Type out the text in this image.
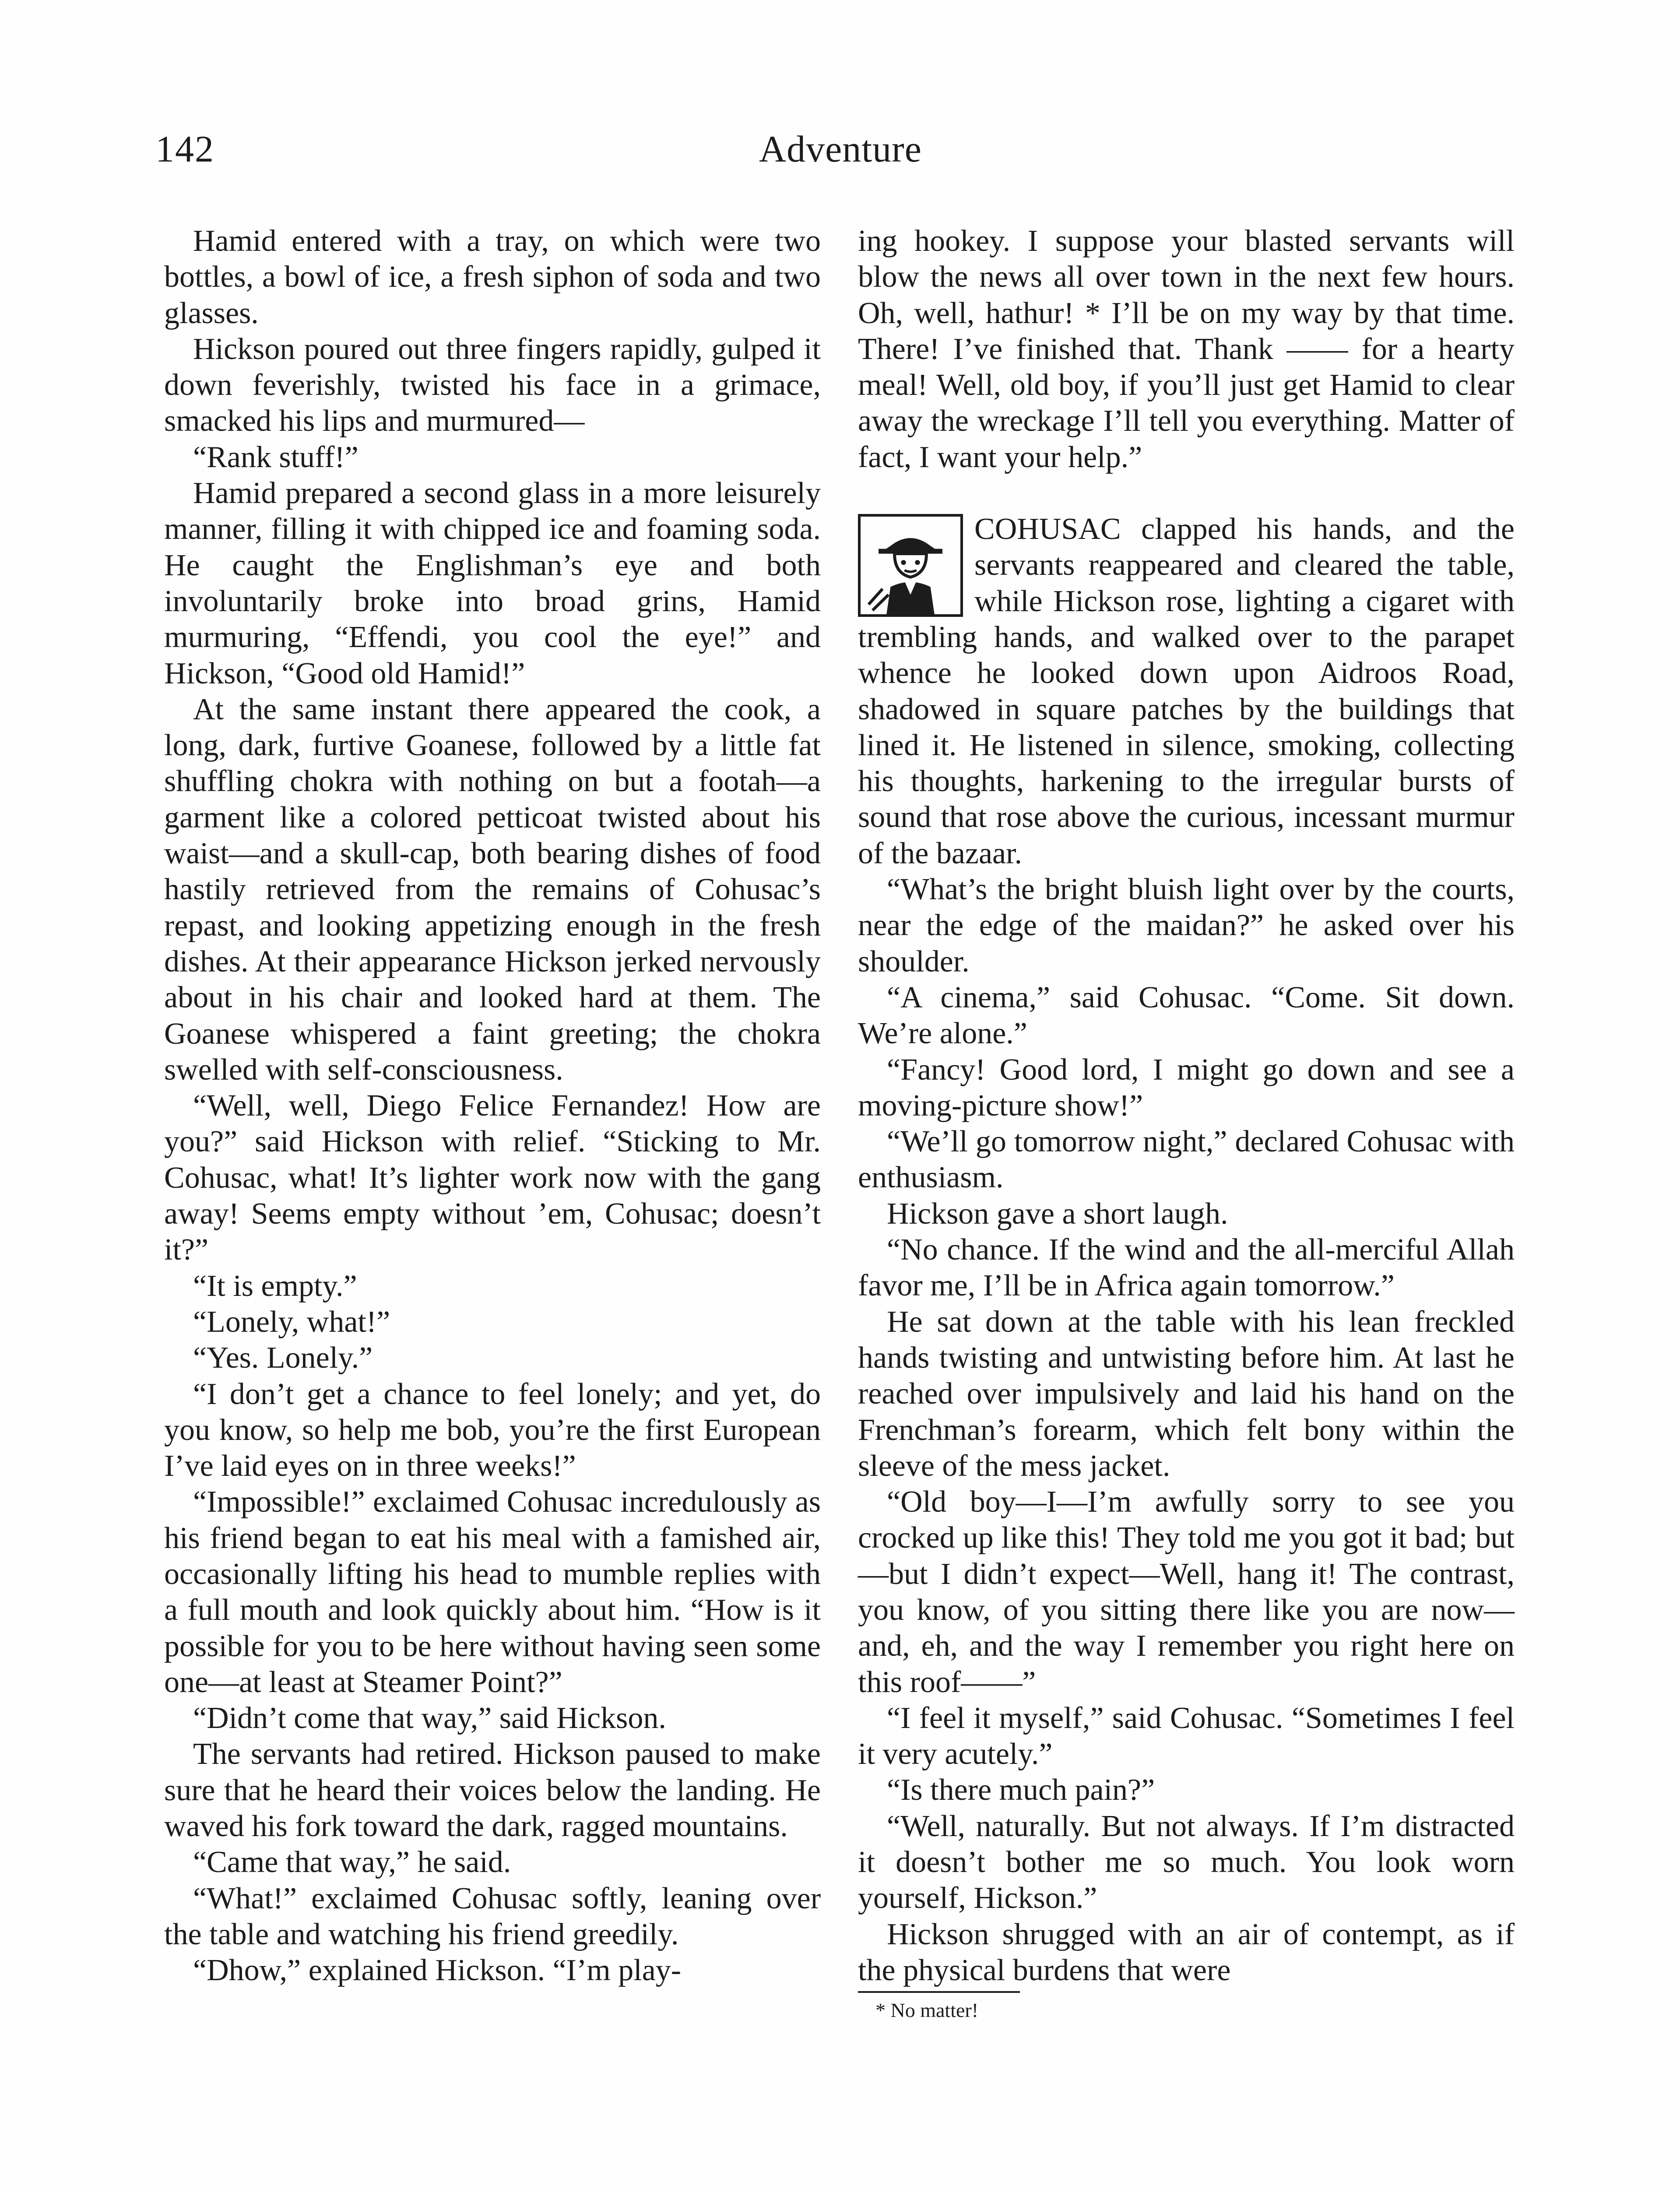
142	Adventure

Hamid entered with a tray, on which were two bottles, a bowl of ice, a fresh siphon of soda and two glasses.

Hickson poured out three fingers rapidly, gulped it down feverishly, twisted his face in a grimace, smacked his lips and murmured—

“Rank stuff!”

Hamid prepared a second glass in a more leisurely manner, filling it with chipped ice and foaming soda. He caught the Englishman’s eye and both involuntarily broke into broad grins, Hamid murmuring, “Effendi, you cool the eye!” and Hickson, “Good old Hamid!”

At the same instant there appeared the cook, a long, dark, furtive Goanese, followed by a little fat shuffling chokra with nothing on but a footah—a garment like a colored petticoat twisted about his waist—and a skull-cap, both bearing dishes of food hastily retrieved from the remains of Cohusac’s repast, and looking appetizing enough in the fresh dishes. At their appearance Hickson jerked nervously about in his chair and looked hard at them. The Goanese whispered a faint greeting; the chokra swelled with self-consciousness.

“Well, well, Diego Felice Fernandez! How are you?” said Hickson with relief. “Sticking to Mr. Cohusac, what! It’s lighter work now with the gang away! Seems empty without ’em, Cohusac; doesn’t it?”

“It is empty.”

“Lonely, what!”

“Yes. Lonely.”

“I don’t get a chance to feel lonely; and yet, do you know, so help me bob, you’re the first European I’ve laid eyes on in three weeks!”

“Impossible!” exclaimed Cohusac incredulously as his friend began to eat his meal with a famished air, occasionally lifting his head to mumble replies with a full mouth and look quickly about him. “How is it possible for you to be here without having seen some one—at least at Steamer Point?”

“Didn’t come that way,” said Hickson.

The servants had retired. Hickson paused to make sure that he heard their voices below the landing. He waved his fork toward the dark, ragged mountains.

“Came that way,” he said.

“What!” exclaimed Cohusac softly, leaning over the table and watching his friend greedily.

“Dhow,” explained Hickson. “I’m play-

ing hookey. I suppose your blasted servants will blow the news all over town in the next few hours. Oh, well, hathur! * I’ll be on my way by that time. There! I’ve finished that. Thank —— for a hearty meal! Well, old boy, if you’ll just get Hamid to clear away the wreckage I’ll tell you everything. Matter of fact, I want your help.”

COHUSAC clapped his hands, and the servants reappeared and cleared the table, while Hickson rose, lighting a cigaret with trembling hands, and walked over to the parapet whence he looked down upon Aidroos Road, shadowed in square patches by the buildings that lined it. He listened in silence, smoking, collecting his thoughts, harkening to the irregular bursts of sound that rose above the curious, incessant murmur of the bazaar.

“What’s the bright bluish light over by the courts, near the edge of the maidan?” he asked over his shoulder.

“A cinema,” said Cohusac. “Come. Sit down. We’re alone.”

“Fancy! Good lord, I might go down and see a moving-picture show!”

“We’ll go tomorrow night,” declared Cohusac with enthusiasm.

Hickson gave a short laugh.

“No chance. If the wind and the all-merciful Allah favor me, I’ll be in Africa again tomorrow.”

He sat down at the table with his lean freckled hands twisting and untwisting before him. At last he reached over impulsively and laid his hand on the Frenchman’s forearm, which felt bony within the sleeve of the mess jacket.

“Old boy—I—I’m awfully sorry to see you crocked up like this! They told me you got it bad; but—but I didn’t expect—Well, hang it! The contrast, you know, of you sitting there like you are now—and, eh, and the way I remember you right here on this roof——”

“I feel it myself,” said Cohusac. “Sometimes I feel it very acutely.”

“Is there much pain?”

“Well, naturally. But not always. If I’m distracted it doesn’t bother me so much. You look worn yourself, Hickson.”

Hickson shrugged with an air of contempt, as if the physical burdens that were

* No matter!
